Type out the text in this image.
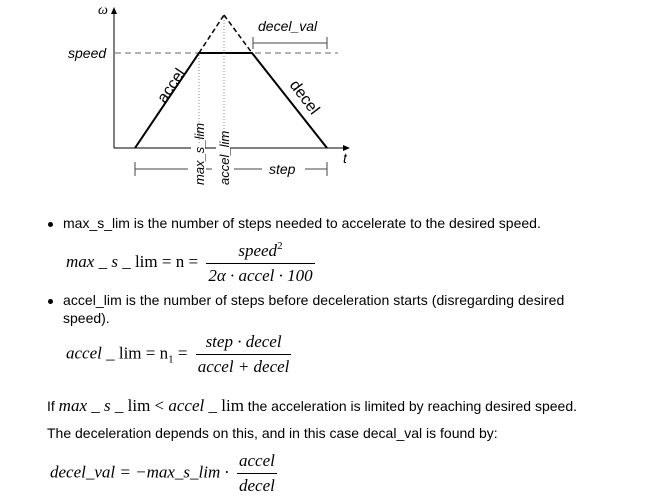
ω
t
speed
decel_val
accel	decel
max_s_lim accel_lim	step
max_s_lim is the number of steps needed to accelerate to the desired speed.
max _ s _ $\lim = n = \frac{speed^2}{\text{2α · accel · 100}}$
accel_lim is the number of steps before deceleration starts (disregarding desired
speed).
accel _ $\lim = n_1 = \frac{\text{step · decel}}{\text{accel + decel}}$
If max _ s _ lim < accel _ lim the acceleration is limited by reaching desired speed.
The deceleration depends on this, and in this case decal_val is found by:
decel_val = −max_s_lim · $\frac{\text{accel}}{\text{decel}}$
